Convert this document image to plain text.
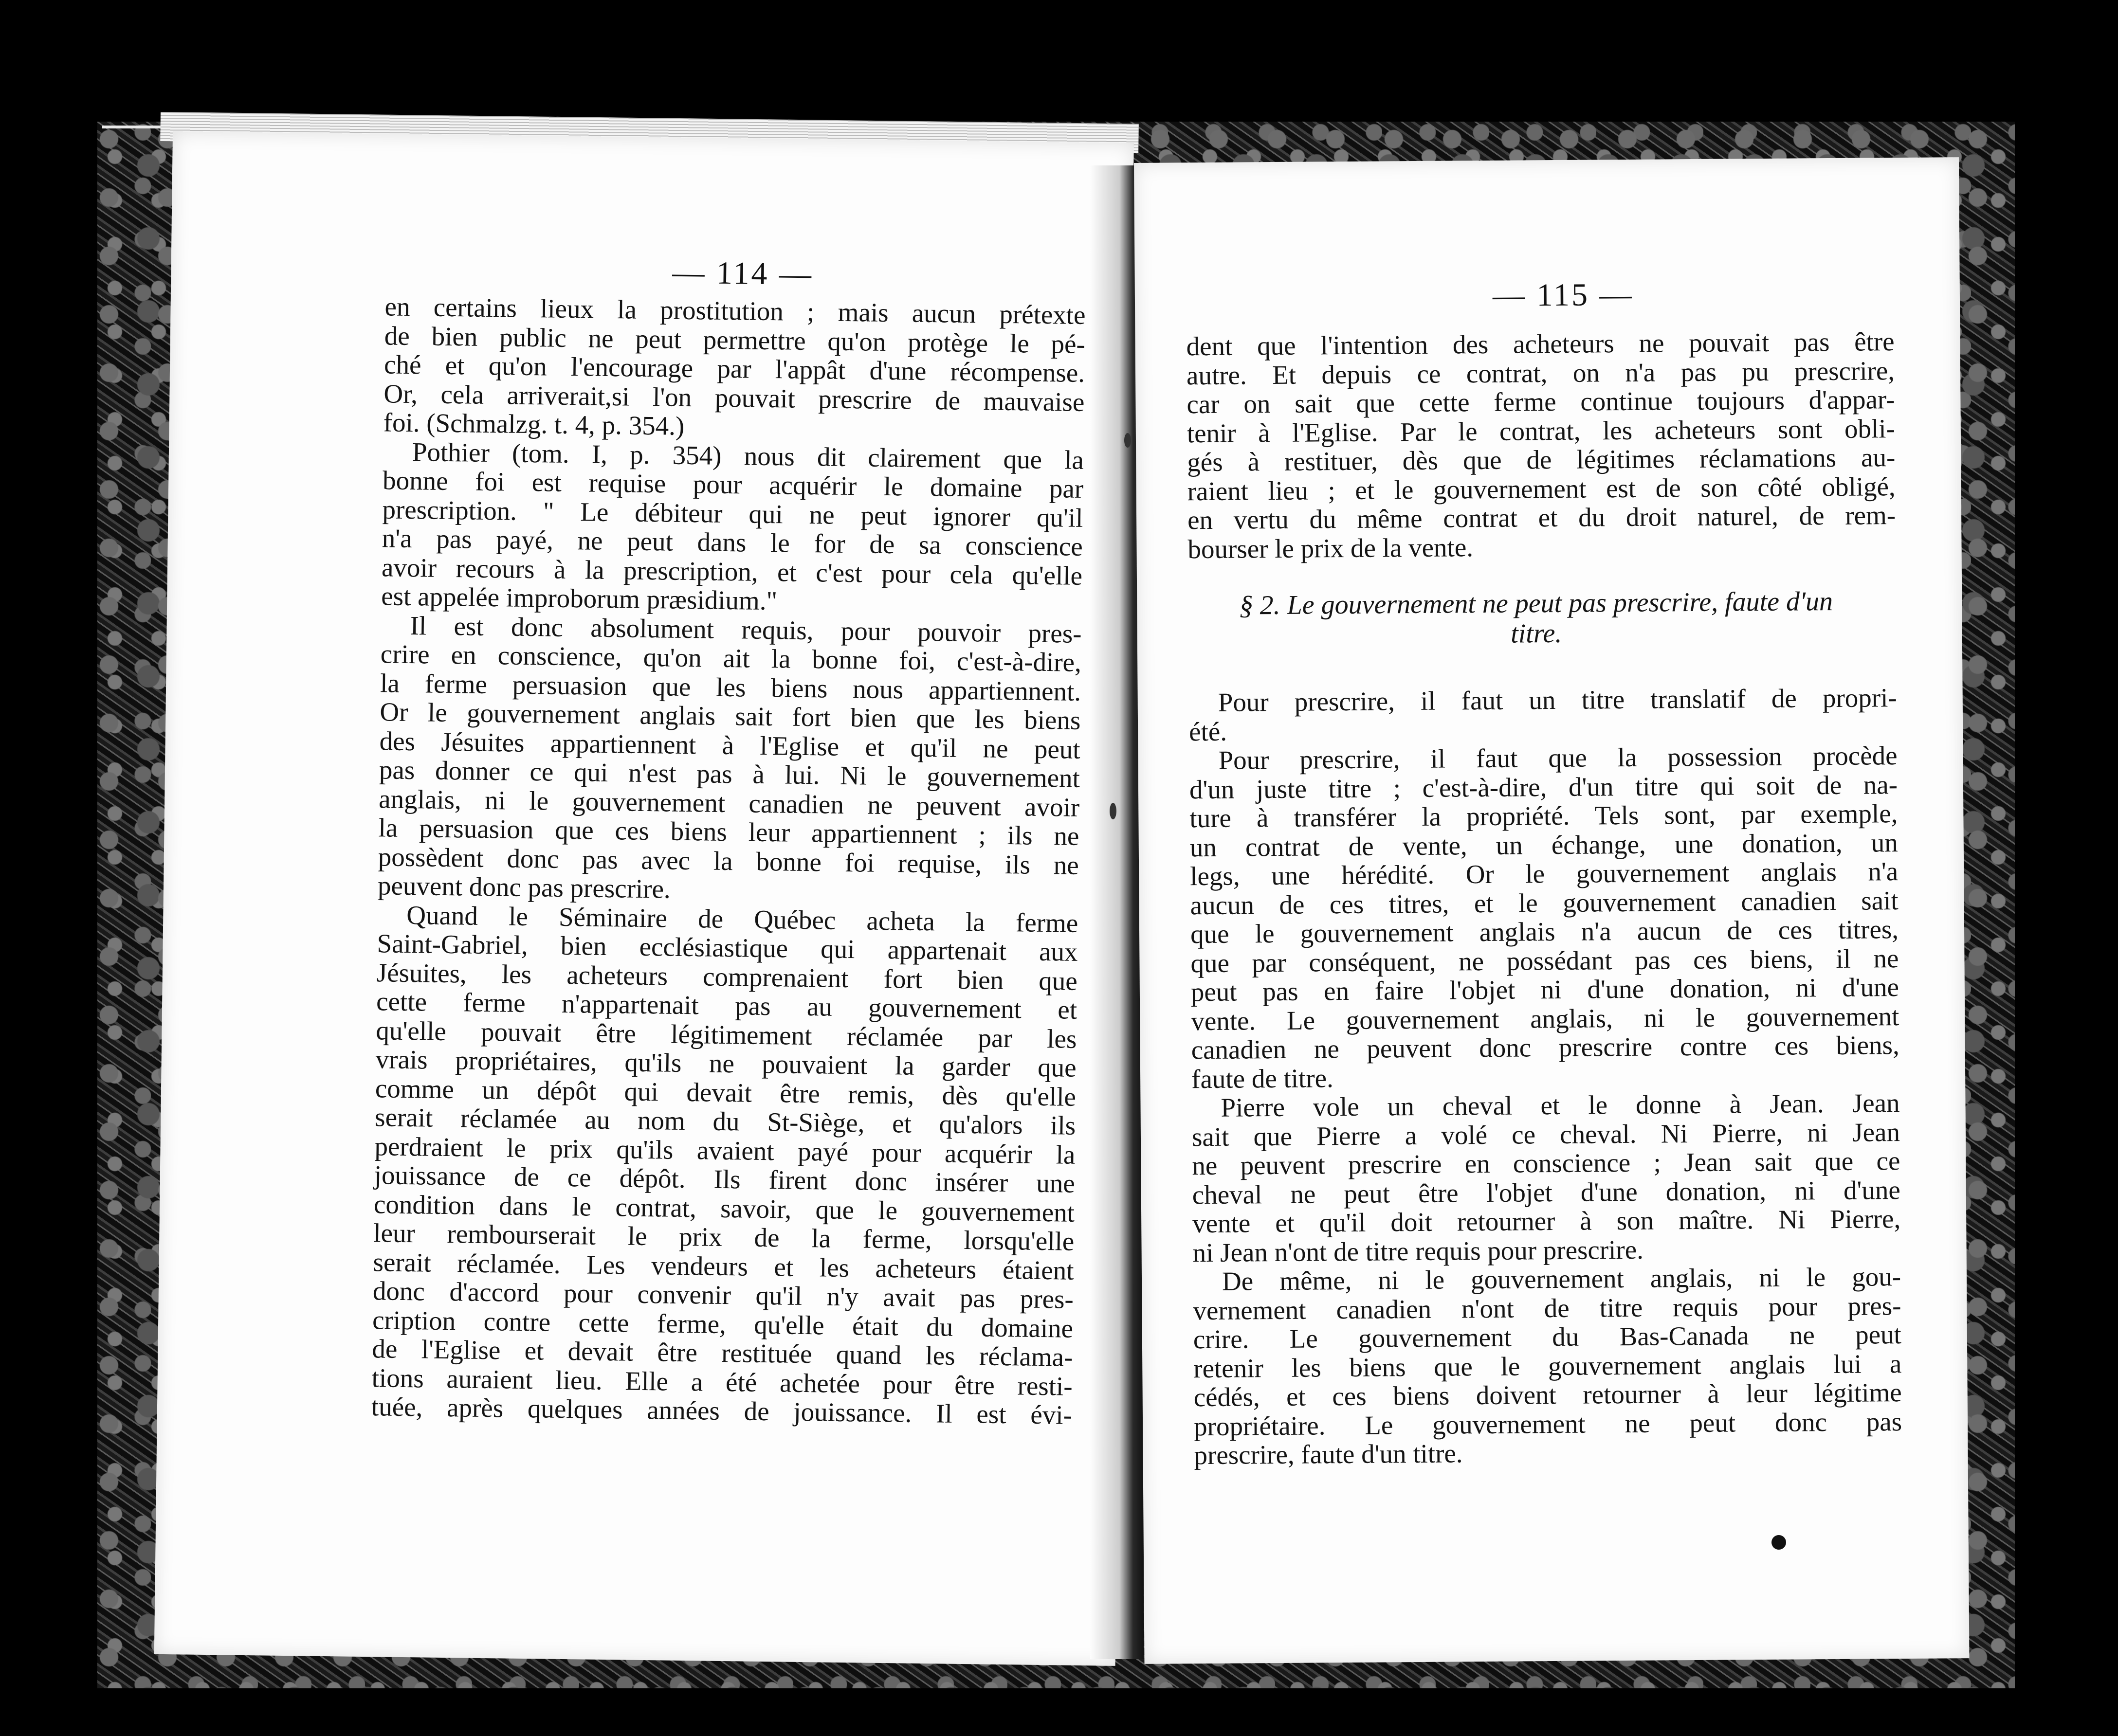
— 114 —
en certains lieux la prostitution ; mais aucun prétexte
de bien public ne peut permettre qu'on protège le pé-
ché et qu'on l'encourage par l'appât d'une récompense.
Or, cela arriverait,si l'on pouvait prescrire de mauvaise
foi. (Schmalzg. t. 4, p. 354.)
Pothier (tom. I, p. 354) nous dit clairement que la
bonne foi est requise pour acquérir le domaine par
prescription. " Le débiteur qui ne peut ignorer qu'il
n'a pas payé, ne peut dans le for de sa conscience
avoir recours à la prescription, et c'est pour cela qu'elle
est appelée improborum præsidium."
Il est donc absolument requis, pour pouvoir pres-
crire en conscience, qu'on ait la bonne foi, c'est-à-dire,
la ferme persuasion que les biens nous appartiennent.
Or le gouvernement anglais sait fort bien que les biens
des Jésuites appartiennent à l'Eglise et qu'il ne peut
pas donner ce qui n'est pas à lui. Ni le gouvernement
anglais, ni le gouvernement canadien ne peuvent avoir
la persuasion que ces biens leur appartiennent ; ils ne
possèdent donc pas avec la bonne foi requise, ils ne
peuvent donc pas prescrire.
Quand le Séminaire de Québec acheta la ferme
Saint-Gabriel, bien ecclésiastique qui appartenait aux
Jésuites, les acheteurs comprenaient fort bien que
cette ferme n'appartenait pas au gouvernement et
qu'elle pouvait être légitimement réclamée par les
vrais propriétaires, qu'ils ne pouvaient la garder que
comme un dépôt qui devait être remis, dès qu'elle
serait réclamée au nom du St-Siège, et qu'alors ils
perdraient le prix qu'ils avaient payé pour acquérir la
jouissance de ce dépôt. Ils firent donc insérer une
condition dans le contrat, savoir, que le gouvernement
leur rembourserait le prix de la ferme, lorsqu'elle
serait réclamée. Les vendeurs et les acheteurs étaient
donc d'accord pour convenir qu'il n'y avait pas pres-
cription contre cette ferme, qu'elle était du domaine
de l'Eglise et devait être restituée quand les réclama-
tions auraient lieu. Elle a été achetée pour être resti-
tuée, après quelques années de jouissance. Il est évi-
— 115 —
dent que l'intention des acheteurs ne pouvait pas être
autre. Et depuis ce contrat, on n'a pas pu prescrire,
car on sait que cette ferme continue toujours d'appar-
tenir à l'Eglise. Par le contrat, les acheteurs sont obli-
gés à restituer, dès que de légitimes réclamations au-
raient lieu ; et le gouvernement est de son côté obligé,
en vertu du même contrat et du droit naturel, de rem-
bourser le prix de la vente.
§ 2. Le gouvernement ne peut pas prescrire, faute d'un
titre.
Pour prescrire, il faut un titre translatif de propri-
été.
Pour prescrire, il faut que la possession procède
d'un juste titre ; c'est-à-dire, d'un titre qui soit de na-
ture à transférer la propriété. Tels sont, par exemple,
un contrat de vente, un échange, une donation, un
legs, une hérédité. Or le gouvernement anglais n'a
aucun de ces titres, et le gouvernement canadien sait
que le gouvernement anglais n'a aucun de ces titres,
que par conséquent, ne possédant pas ces biens, il ne
peut pas en faire l'objet ni d'une donation, ni d'une
vente. Le gouvernement anglais, ni le gouvernement
canadien ne peuvent donc prescrire contre ces biens,
faute de titre.
Pierre vole un cheval et le donne à Jean. Jean
sait que Pierre a volé ce cheval. Ni Pierre, ni Jean
ne peuvent prescrire en conscience ; Jean sait que ce
cheval ne peut être l'objet d'une donation, ni d'une
vente et qu'il doit retourner à son maître. Ni Pierre,
ni Jean n'ont de titre requis pour prescrire.
De même, ni le gouvernement anglais, ni le gou-
vernement canadien n'ont de titre requis pour pres-
crire. Le gouvernement du Bas-Canada ne peut
retenir les biens que le gouvernement anglais lui a
cédés, et ces biens doivent retourner à leur légitime
propriétaire. Le gouvernement ne peut donc pas
prescrire, faute d'un titre.
